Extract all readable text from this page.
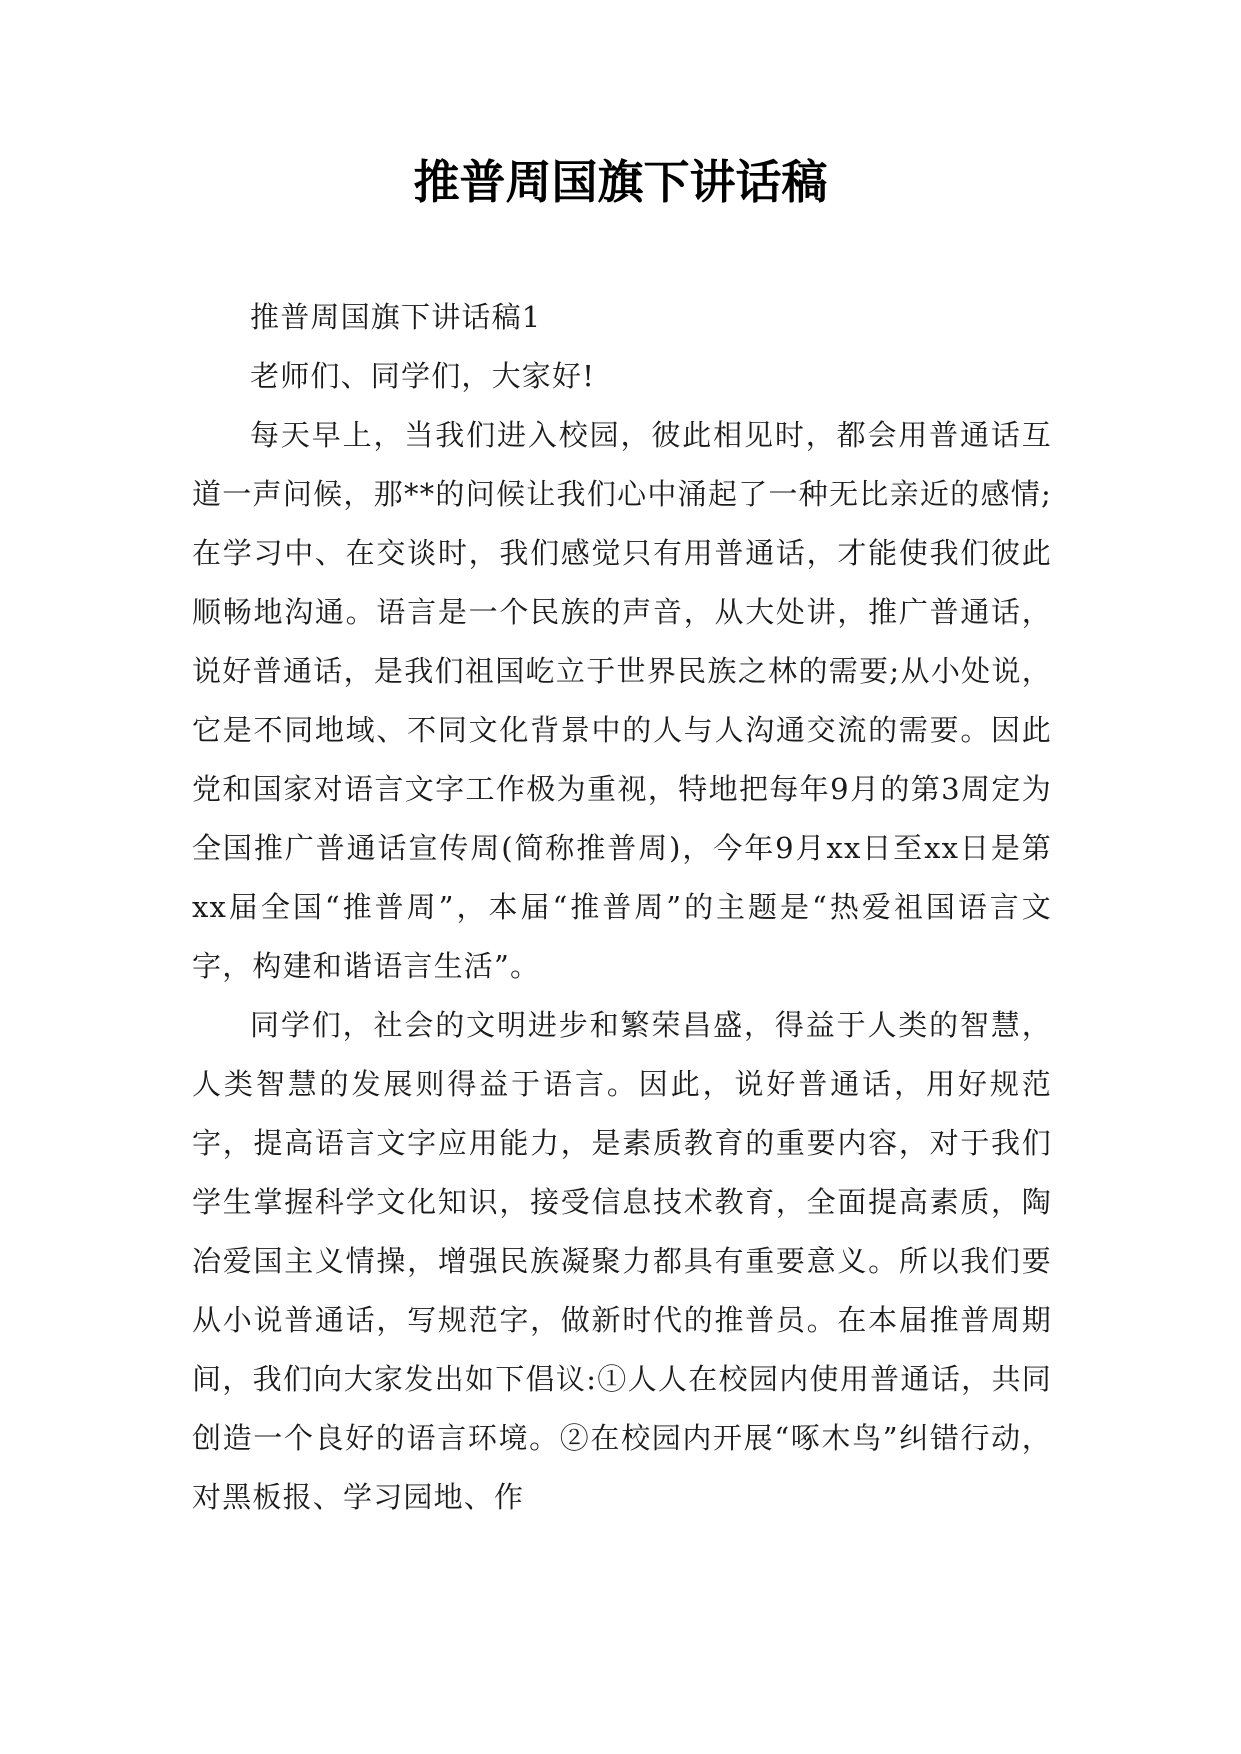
推普周国旗下讲话稿

推普周国旗下讲话稿1

老师们、同学们，大家好!

每天早上，当我们进入校园，彼此相见时，都会用普通话互道一声问候，那**的问候让我们心中涌起了一种无比亲近的感情;在学习中、在交谈时，我们感觉只有用普通话，才能使我们彼此顺畅地沟通。语言是一个民族的声音，从大处讲，推广普通话，说好普通话，是我们祖国屹立于世界民族之林的需要;从小处说，它是不同地域、不同文化背景中的人与人沟通交流的需要。因此党和国家对语言文字工作极为重视，特地把每年9月的第3周定为全国推广普通话宣传周(简称推普周)，今年9月xx日至xx日是第xx届全国“推普周”，本届“推普周”的主题是“热爱祖国语言文字，构建和谐语言生活”。

同学们，社会的文明进步和繁荣昌盛，得益于人类的智慧，人类智慧的发展则得益于语言。因此，说好普通话，用好规范字，提高语言文字应用能力，是素质教育的重要内容，对于我们学生掌握科学文化知识，接受信息技术教育，全面提高素质，陶冶爱国主义情操，增强民族凝聚力都具有重要意义。所以我们要从小说普通话，写规范字，做新时代的推普员。在本届推普周期间，我们向大家发出如下倡议:①人人在校园内使用普通话，共同创造一个良好的语言环境。②在校园内开展“啄木鸟”纠错行动，对黑板报、学习园地、作
